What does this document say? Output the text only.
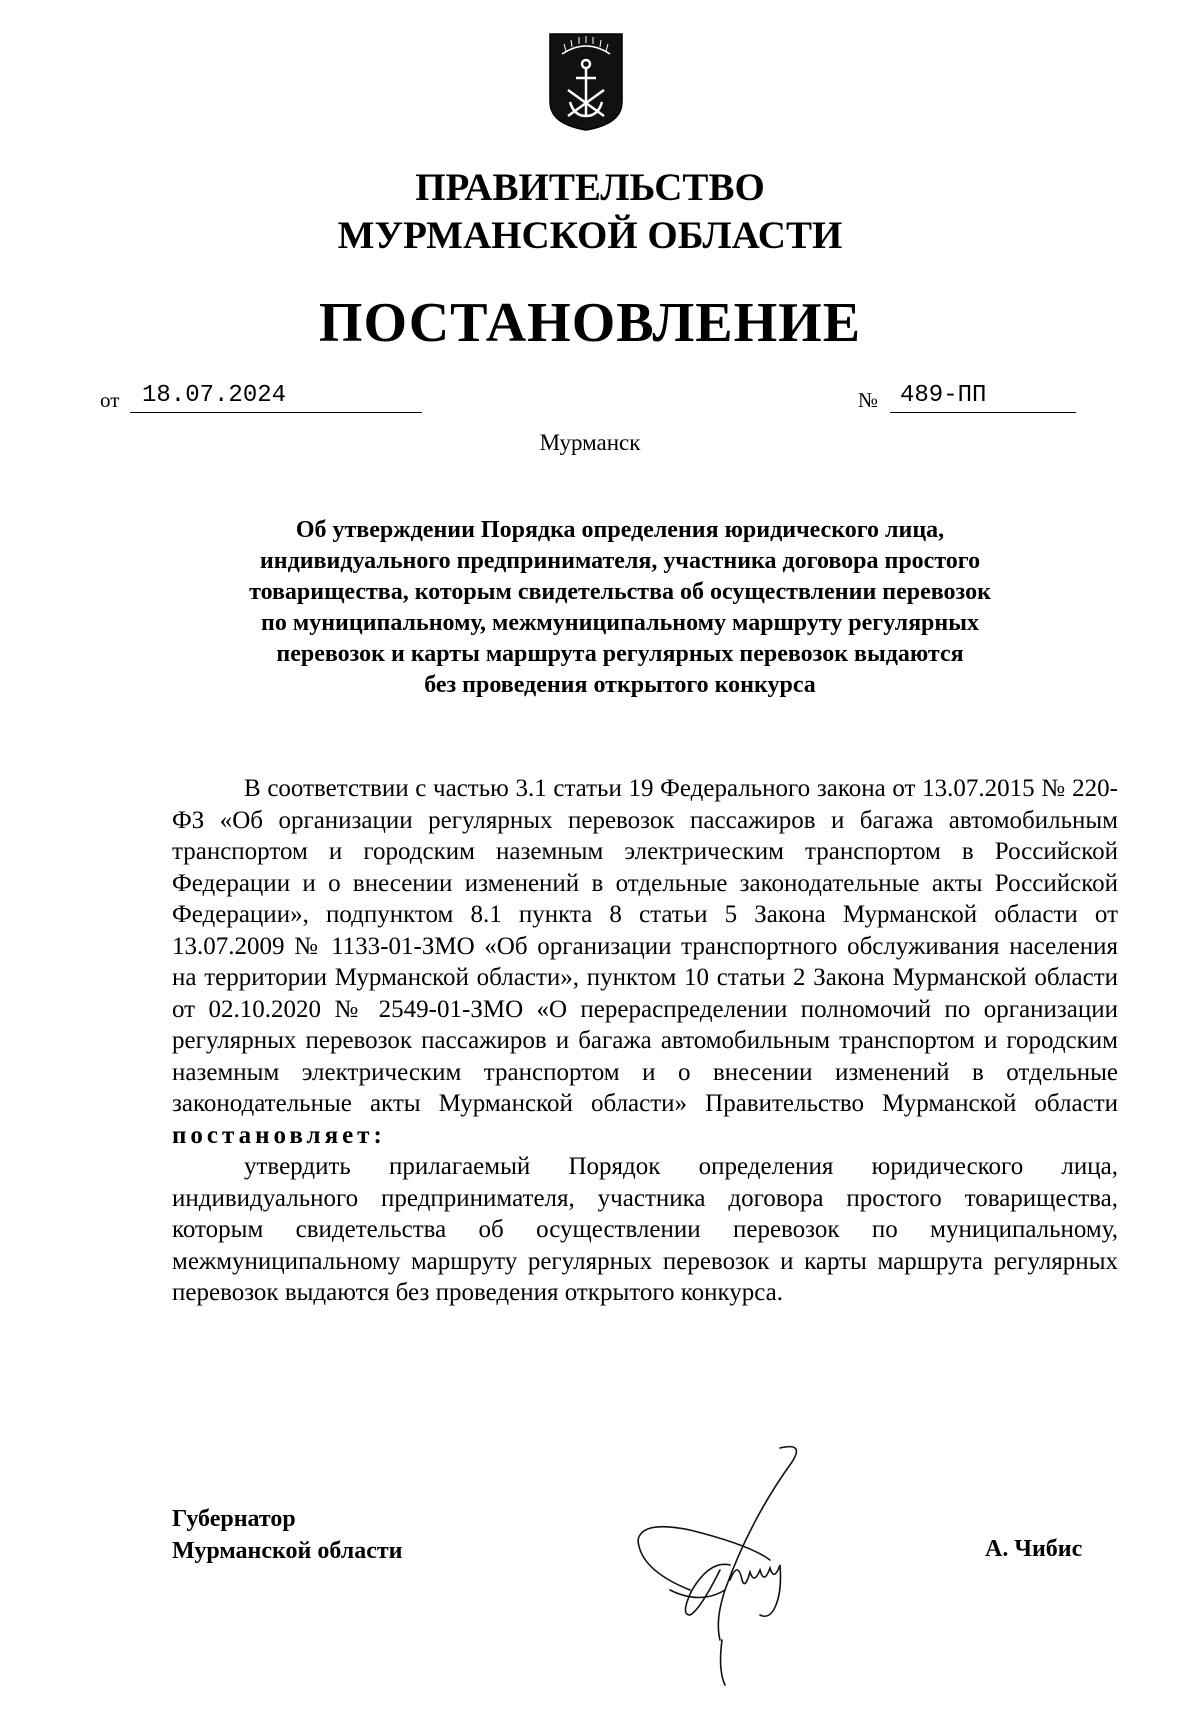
ПРАВИТЕЛЬСТВО
МУРМАНСКОЙ ОБЛАСТИ
ПОСТАНОВЛЕНИЕ
от 18.07.2024	№ 489-ПП
Мурманск
Об утверждении Порядка определения юридического лица,
индивидуального предпринимателя, участника договора простого
товарищества, которым свидетельства об осуществлении перевозок
по муниципальному, межмуниципальному маршруту регулярных
перевозок и карты маршрута регулярных перевозок выдаются
без проведения открытого конкурса

В соответствии с частью 3.1 статьи 19 Федерального закона от 13.07.2015 № 220-ФЗ «Об организации регулярных перевозок пассажиров и багажа автомобильным транспортом и городским наземным электрическим транспортом в Российской Федерации и о внесении изменений в отдельные законодательные акты Российской Федерации», подпунктом 8.1 пункта 8 статьи 5 Закона Мурманской области от 13.07.2009 № 1133-01-ЗМО «Об организации транспортного обслуживания населения на территории Мурманской области», пунктом 10 статьи 2 Закона Мурманской области от 02.10.2020 № 2549-01-ЗМО «О перераспределении полномочий по организации регулярных перевозок пассажиров и багажа автомобильным транспортом и городским наземным электрическим транспортом и о внесении изменений в отдельные законодательные акты Мурманской области» Правительство Мурманской области постановляет:

утвердить прилагаемый Порядок определения юридического лица, индивидуального предпринимателя, участника договора простого товарищества, которым свидетельства об осуществлении перевозок по муниципальному, межмуниципальному маршруту регулярных перевозок и карты маршрута регулярных перевозок выдаются без проведения открытого конкурса.

Губернатор
Мурманской области	А. Чибис
